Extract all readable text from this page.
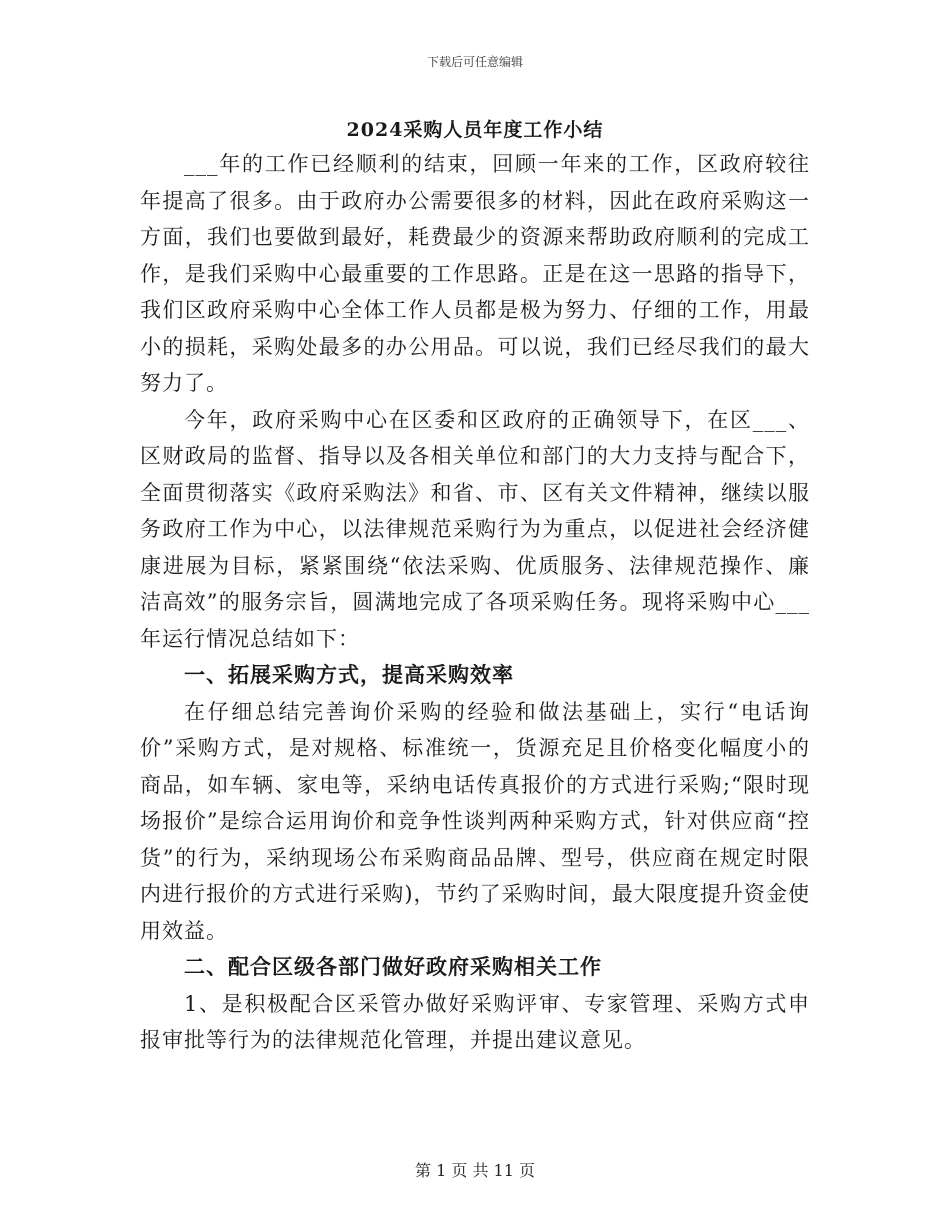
下载后可任意编辑
2024采购人员年度工作小结

___年的工作已经顺利的结束，回顾一年来的工作，区政府较往年提高了很多。由于政府办公需要很多的材料，因此在政府采购这一方面，我们也要做到最好，耗费最少的资源来帮助政府顺利的完成工作，是我们采购中心最重要的工作思路。正是在这一思路的指导下，我们区政府采购中心全体工作人员都是极为努力、仔细的工作，用最小的损耗，采购处最多的办公用品。可以说，我们已经尽我们的最大努力了。

今年，政府采购中心在区委和区政府的正确领导下，在区___、区财政局的监督、指导以及各相关单位和部门的大力支持与配合下，全面贯彻落实《政府采购法》和省、市、区有关文件精神，继续以服务政府工作为中心，以法律规范采购行为为重点，以促进社会经济健康进展为目标，紧紧围绕“依法采购、优质服务、法律规范操作、廉洁高效”的服务宗旨，圆满地完成了各项采购任务。现将采购中心___年运行情况总结如下：

一、拓展采购方式，提高采购效率

在仔细总结完善询价采购的经验和做法基础上，实行“电话询价”采购方式，是对规格、标准统一，货源充足且价格变化幅度小的商品，如车辆、家电等，采纳电话传真报价的方式进行采购;“限时现场报价”是综合运用询价和竞争性谈判两种采购方式，针对供应商“控货”的行为，采纳现场公布采购商品品牌、型号，供应商在规定时限内进行报价的方式进行采购)，节约了采购时间，最大限度提升资金使用效益。

二、配合区级各部门做好政府采购相关工作

1、是积极配合区采管办做好采购评审、专家管理、采购方式申报审批等行为的法律规范化管理，并提出建议意见。

第 1 页 共 11 页
